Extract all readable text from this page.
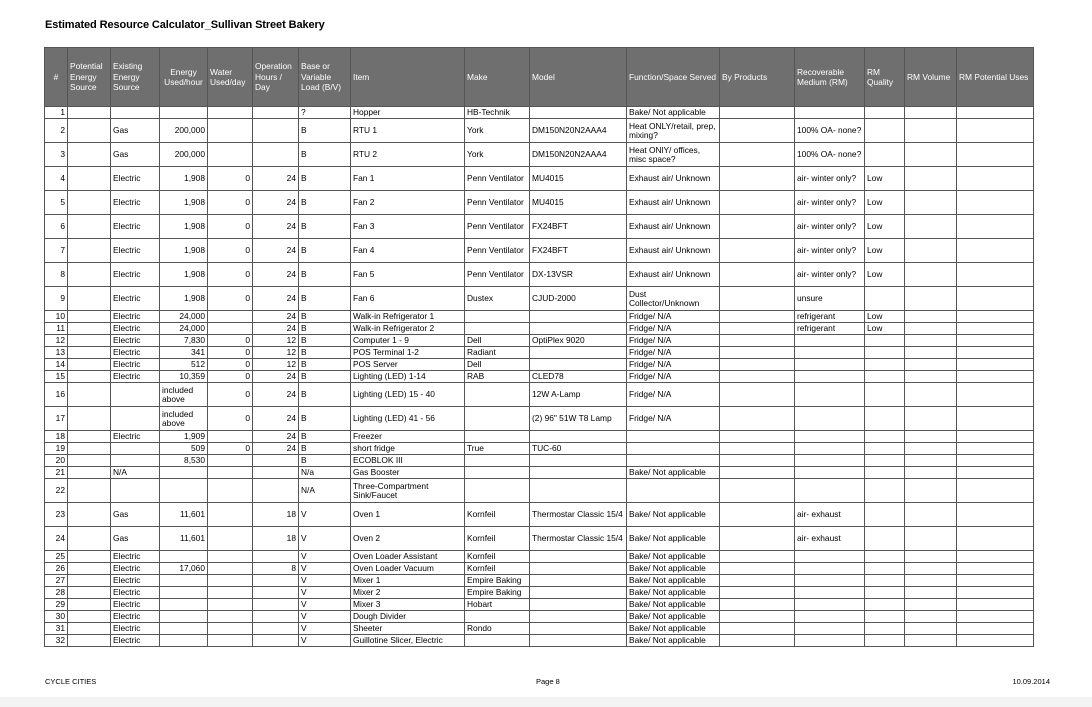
Estimated Resource Calculator_Sullivan Street Bakery
#	Potential Energy Source	Existing Energy Source	Energy Used/hour	Water Used/day	Operation Hours / Day	Base or Variable Load (B/V)	Item	Make	Model	Function/Space Served	By Products	Recoverable Medium (RM)	RM Quality	RM Volume	RM Potential Uses
1						?	Hopper	HB-Technik		Bake/ Not applicable					
2		Gas	200,000			B	RTU 1	York	DM150N20N2AAA4	Heat ONLY/retail, prep, mixing?		100% OA- none?			
3		Gas	200,000			B	RTU 2	York	DM150N20N2AAA4	Heat ONlY/ offices, misc space?		100% OA- none?			
4		Electric	1,908	0	24	B	Fan 1	Penn Ventilator	MU4015	Exhaust air/ Unknown		air- winter only?	Low		
5		Electric	1,908	0	24	B	Fan 2	Penn Ventilator	MU4015	Exhaust air/ Unknown		air- winter only?	Low		
6		Electric	1,908	0	24	B	Fan 3	Penn Ventilator	FX24BFT	Exhaust air/ Unknown		air- winter only?	Low		
7		Electric	1,908	0	24	B	Fan 4	Penn Ventilator	FX24BFT	Exhaust air/ Unknown		air- winter only?	Low		
8		Electric	1,908	0	24	B	Fan 5	Penn Ventilator	DX-13VSR	Exhaust air/ Unknown		air- winter only?	Low		
9		Electric	1,908	0	24	B	Fan 6	Dustex	CJUD-2000	Dust Collector/Unknown		unsure			
10		Electric	24,000		24	B	Walk-in Refrigerator 1			Fridge/ N/A		refrigerant	Low		
11		Electric	24,000		24	B	Walk-in Refrigerator 2			Fridge/ N/A		refrigerant	Low		
12		Electric	7,830	0	12	B	Computer 1 - 9	Dell	OptiPlex 9020	Fridge/ N/A					
13		Electric	341	0	12	B	POS Terminal 1-2	Radiant		Fridge/ N/A					
14		Electric	512	0	12	B	POS Server	Dell		Fridge/ N/A					
15		Electric	10,359	0	24	B	Lighting (LED) 1-14	RAB	CLED78	Fridge/ N/A					
16			included above	0	24	B	Lighting (LED) 15 - 40		12W A-Lamp	Fridge/ N/A					
17			included above	0	24	B	Lighting (LED) 41 - 56		(2) 96" 51W T8 Lamp	Fridge/ N/A					
18		Electric	1,909		24	B	Freezer								
19			509	0	24	B	short fridge	True	TUC-60						
20			8,530			B	ECOBLOK III								
21		N/A				N/a	Gas Booster			Bake/ Not applicable					
22						N/A	Three-Compartment Sink/Faucet								
23		Gas	11,601		18	V	Oven 1	Kornfeil	Thermostar Classic 15/4	Bake/ Not applicable		air- exhaust			
24		Gas	11,601		18	V	Oven 2	Kornfeil	Thermostar Classic 15/4	Bake/ Not applicable		air- exhaust			
25		Electric				V	Oven Loader Assistant	Kornfeil		Bake/ Not applicable					
26		Electric	17,060		8	V	Oven Loader Vacuum	Kornfeil		Bake/ Not applicable					
27		Electric				V	Mixer 1	Empire Baking		Bake/ Not applicable					
28		Electric				V	Mixer 2	Empire Baking		Bake/ Not applicable					
29		Electric				V	Mixer 3	Hobart		Bake/ Not applicable					
30		Electric				V	Dough Divider			Bake/ Not applicable					
31		Electric				V	Sheeter	Rondo		Bake/ Not applicable					
32		Electric				V	Guillotine Slicer, Electric			Bake/ Not applicable					
CYCLE CITIES	Page 8	10.09.2014
